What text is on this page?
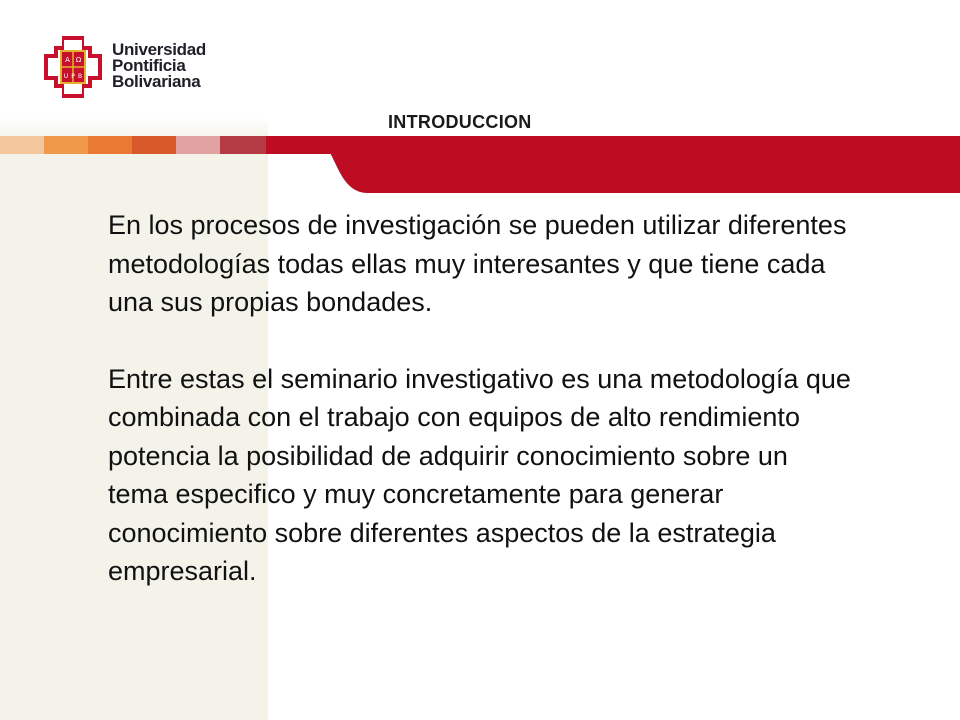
A Ω
U P B
Universidad
Pontificia
Bolivariana
INTRODUCCION

En los procesos de investigación se pueden utilizar diferentes metodologías todas ellas muy interesantes y que tiene cada una sus propias bondades.

Entre estas el seminario investigativo es una metodología que combinada con el trabajo con equipos de alto rendimiento potencia la posibilidad de adquirir conocimiento sobre un tema especifico y muy concretamente para generar conocimiento sobre diferentes aspectos de la estrategia empresarial.
